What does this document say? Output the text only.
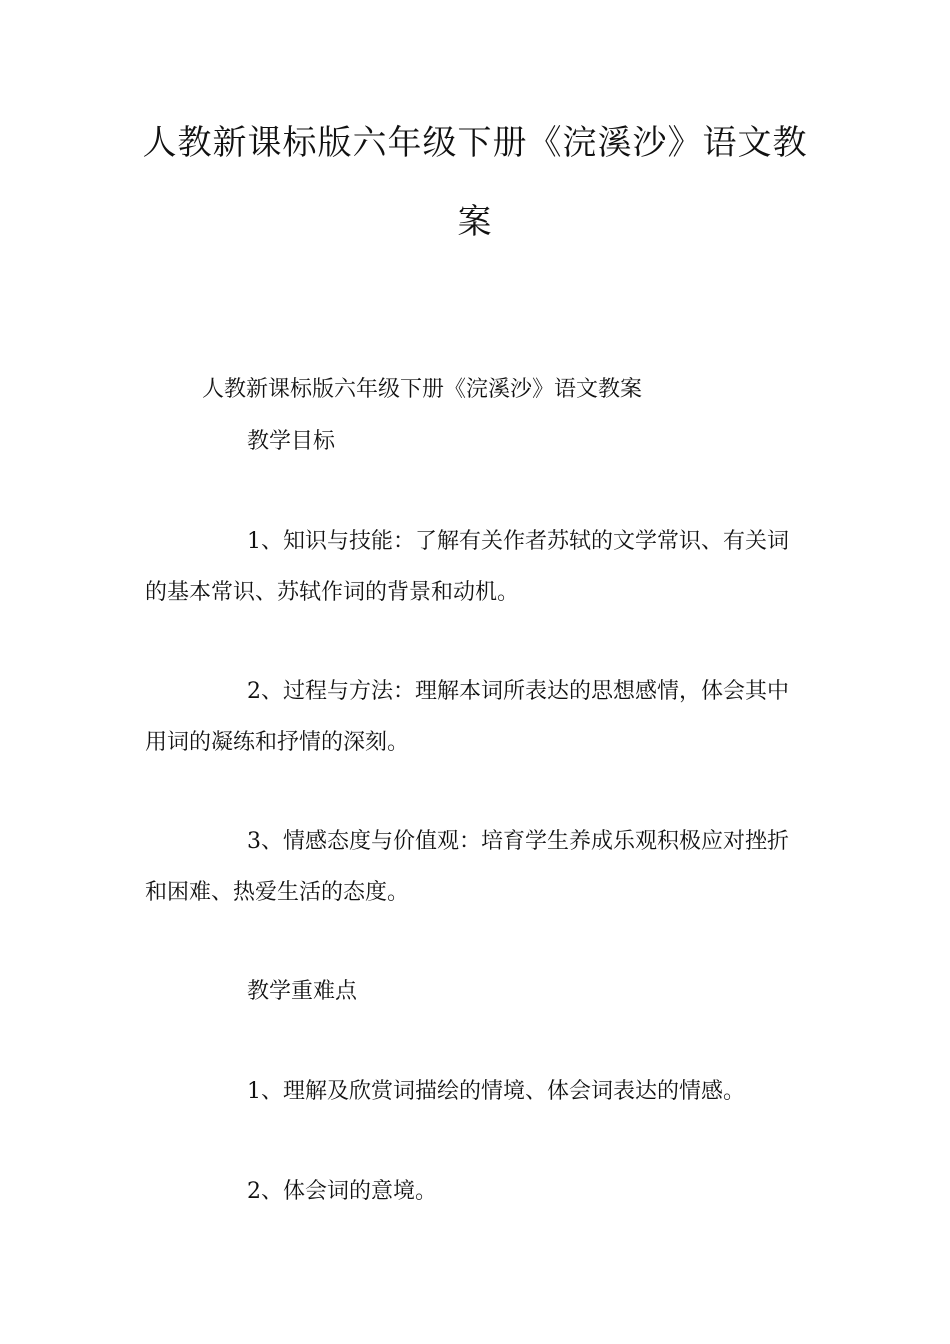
人教新课标版六年级下册《浣溪沙》语文教
案

人教新课标版六年级下册《浣溪沙》语文教案

教学目标

1、知识与技能：了解有关作者苏轼的文学常识、有关词

的基本常识、苏轼作词的背景和动机。

2、过程与方法：理解本词所表达的思想感情，体会其中

用词的凝练和抒情的深刻。

3、情感态度与价值观：培育学生养成乐观积极应对挫折

和困难、热爱生活的态度。

教学重难点

1、理解及欣赏词描绘的情境、体会词表达的情感。

2、体会词的意境。
